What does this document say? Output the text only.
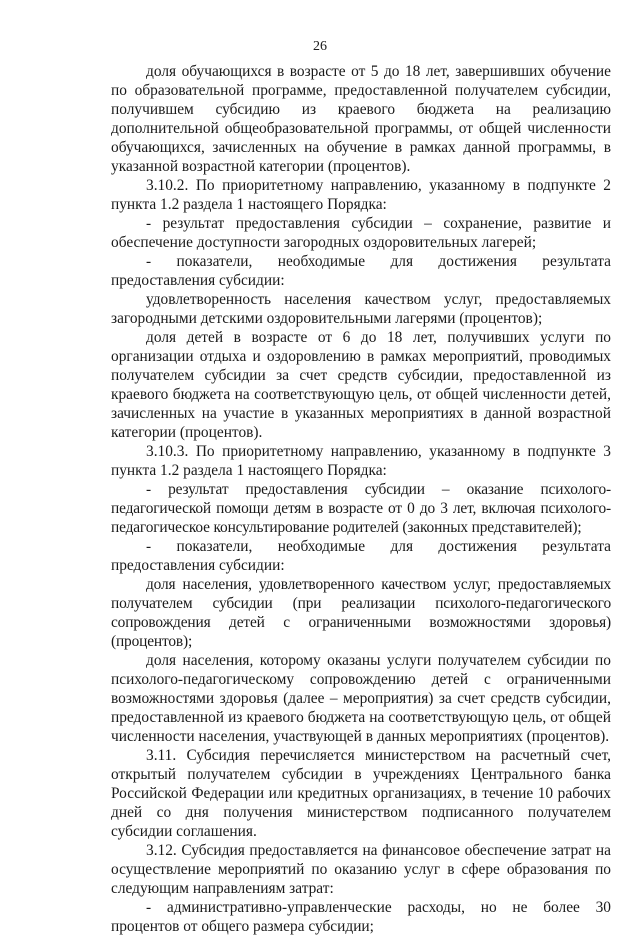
26

доля обучающихся в возрасте от 5 до 18 лет, завершивших обучение по образовательной программе, предоставленной получателем субсидии, получившем субсидию из краевого бюджета на реализацию дополнительной общеобразовательной программы, от общей численности обучающихся, зачисленных на обучение в рамках данной программы, в указанной возрастной категории (процентов).

3.10.2. По приоритетному направлению, указанному в подпункте 2 пункта 1.2 раздела 1 настоящего Порядка:

- результат предоставления субсидии – сохранение, развитие и обеспечение доступности загородных оздоровительных лагерей;

- показатели, необходимые для достижения результата предоставления субсидии:

удовлетворенность населения качеством услуг, предоставляемых загородными детскими оздоровительными лагерями (процентов);

доля детей в возрасте от 6 до 18 лет, получивших услуги по организации отдыха и оздоровлению в рамках мероприятий, проводимых получателем субсидии за счет средств субсидии, предоставленной из краевого бюджета на соответствующую цель, от общей численности детей, зачисленных на участие в указанных мероприятиях в данной возрастной категории (процентов).

3.10.3. По приоритетному направлению, указанному в подпункте 3 пункта 1.2 раздела 1 настоящего Порядка:

- результат предоставления субсидии – оказание психолого-педагогической помощи детям в возрасте от 0 до 3 лет, включая психолого-педагогическое консультирование родителей (законных представителей);

- показатели, необходимые для достижения результата предоставления субсидии:

доля населения, удовлетворенного качеством услуг, предоставляемых получателем субсидии (при реализации психолого-педагогического сопровождения детей с ограниченными возможностями здоровья) (процентов);

доля населения, которому оказаны услуги получателем субсидии по психолого-педагогическому сопровождению детей с ограниченными возможностями здоровья (далее – мероприятия) за счет средств субсидии, предоставленной из краевого бюджета на соответствующую цель, от общей численности населения, участвующей в данных мероприятиях (процентов).

3.11. Субсидия перечисляется министерством на расчетный счет, открытый получателем субсидии в учреждениях Центрального банка Российской Федерации или кредитных организациях, в течение 10 рабочих дней со дня получения министерством подписанного получателем субсидии соглашения.

3.12. Субсидия предоставляется на финансовое обеспечение затрат на осуществление мероприятий по оказанию услуг в сфере образования по следующим направлениям затрат:

- административно-управленческие расходы, но не более 30 процентов от общего размера субсидии;
